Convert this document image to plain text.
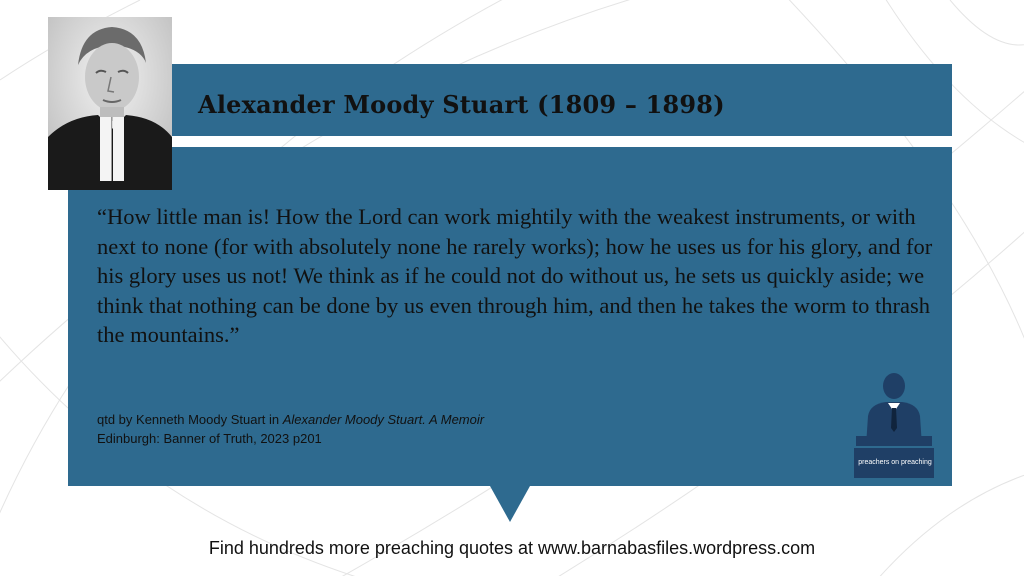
Alexander Moody Stuart (1809 – 1898)
“How little man is! How the Lord can work mightily with the weakest instruments, or with next to none (for with absolutely none he rarely works); how he uses us for his glory, and for his glory uses us not! We think as if he could not do without us, he sets us quickly aside; we think that nothing can be done by us even through him, and then he takes the worm to thrash the mountains.”
qtd by Kenneth Moody Stuart in Alexander Moody Stuart. A Memoir
Edinburgh: Banner of Truth, 2023 p201
preachers on preaching
Find hundreds more preaching quotes at www.barnabasfiles.wordpress.com
